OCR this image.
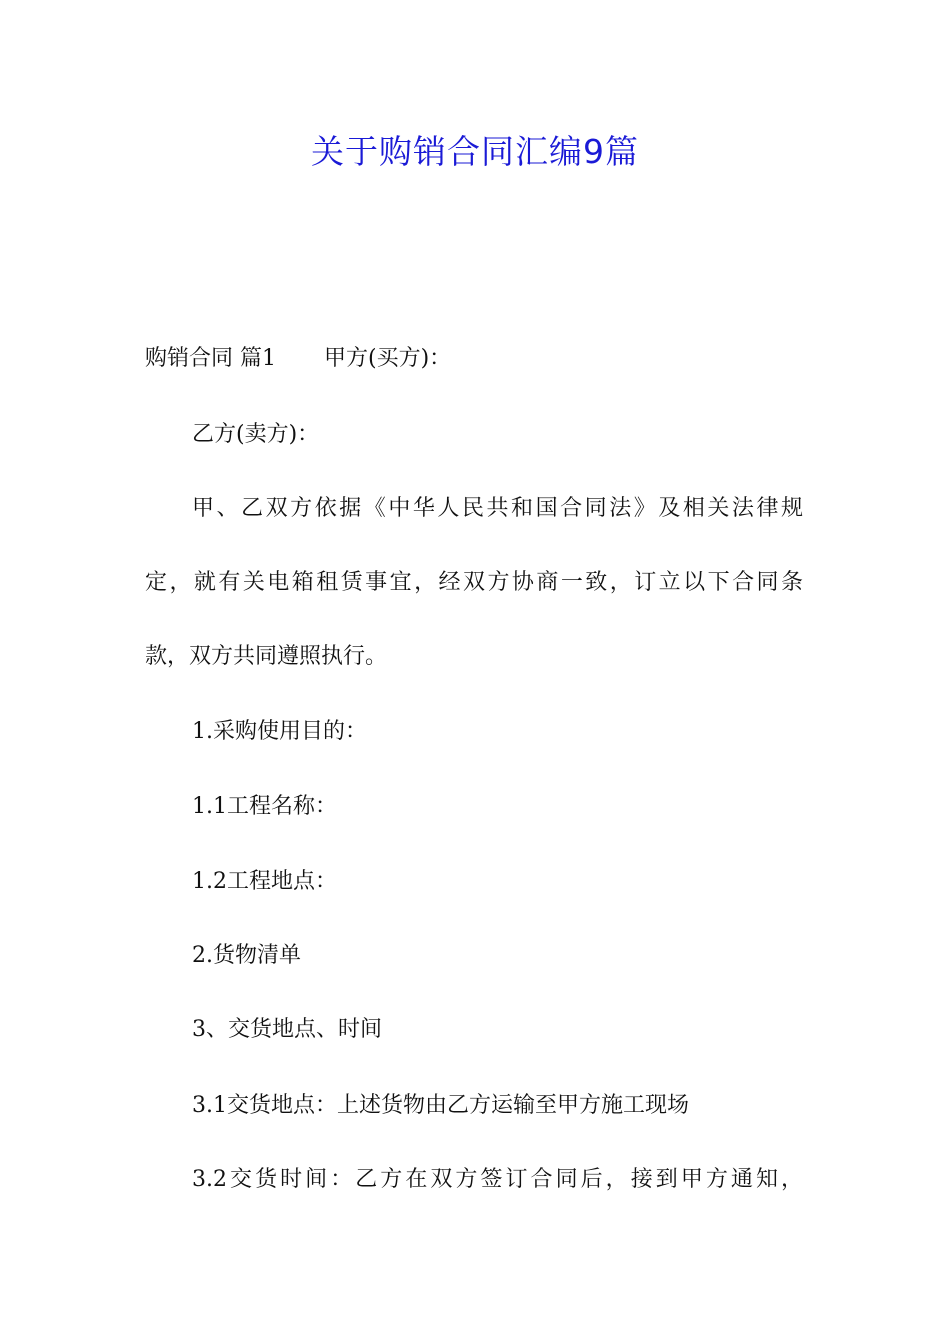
关于购销合同汇编9篇

购销合同 篇1 甲方(买方)：

乙方(卖方)：

甲、乙双方依据《中华人民共和国合同法》及相关法律规

定，就有关电箱租赁事宜，经双方协商一致，订立以下合同条

款，双方共同遵照执行。

1.采购使用目的：

1.1工程名称：

1.2工程地点：

2.货物清单

3、交货地点、时间

3.1交货地点：上述货物由乙方运输至甲方施工现场

3.2交货时间：乙方在双方签订合同后，接到甲方通知，
